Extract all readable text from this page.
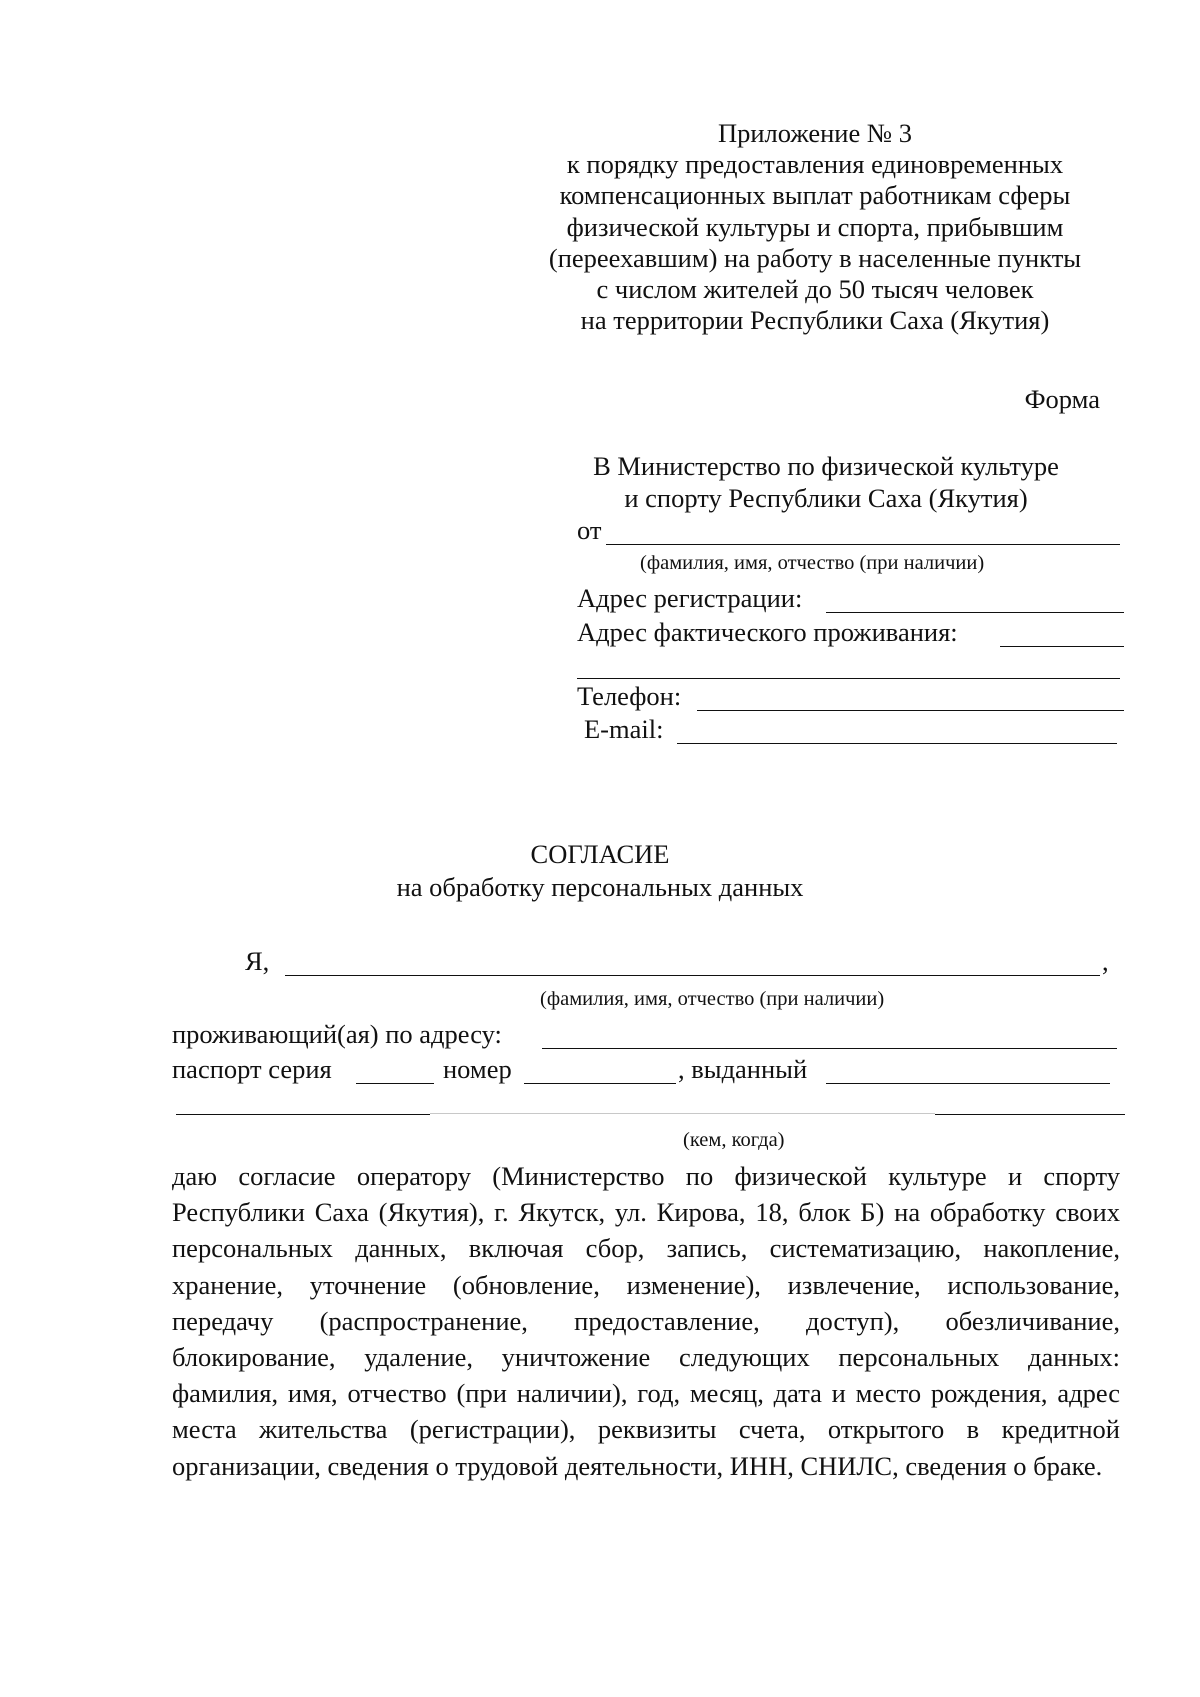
Приложение № 3
к порядку предоставления единовременных
компенсационных выплат работникам сферы
физической культуры и спорта, прибывшим
(переехавшим) на работу в населенные пункты
с числом жителей до 50 тысяч человек
на территории Республики Саха (Якутия)
Форма
В Министерство по физической культуре
и спорту Республики Саха (Якутия)
от
(фамилия, имя, отчество (при наличии)
Адрес регистрации:
Адрес фактического проживания:
Телефон:
E-mail:
СОГЛАСИЕ
на обработку персональных данных
Я,	,
(фамилия, имя, отчество (при наличии)
проживающий(ая) по адресу:
паспорт серия	номер	, выданный
(кем, когда)
даю согласие оператору (Министерство по физической культуре и спорту Республики Саха (Якутия), г. Якутск, ул. Кирова, 18, блок Б) на обработку своих персональных данных, включая сбор, запись, систематизацию, накопление, хранение, уточнение (обновление, изменение), извлечение, использование, передачу (распространение, предоставление, доступ), обезличивание, блокирование, удаление, уничтожение следующих персональных данных: фамилия, имя, отчество (при наличии), год, месяц, дата и место рождения, адрес места жительства (регистрации), реквизиты счета, открытого в кредитной организации, сведения о трудовой деятельности, ИНН, СНИЛС, сведения о браке.
